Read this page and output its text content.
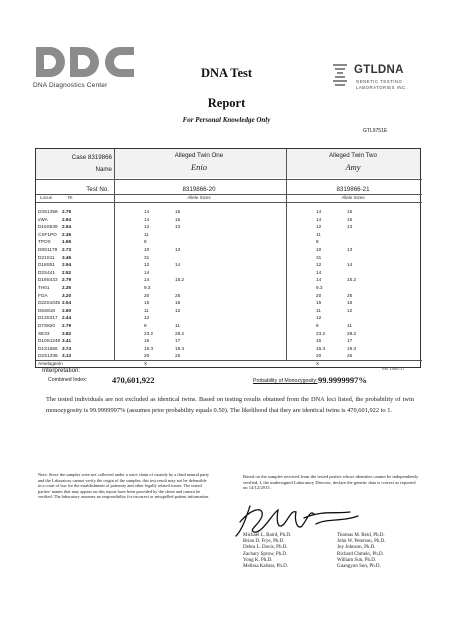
DNA Diagnostics Center
DNA Test
Report
For Personal Knowledge Only
GTLDNA
GENETIC TESTING
LABORATORIES INC.
GTL9751E
Case 8319866
Name
Test No.
Alleged Twin One
Enio
Alleged Twin Two
Amy
8319866-20	8319866-21
Locus	RI	Allele Sizes	Allele Sizes
D3S1358 2.76	14	15	14	15
vWA	2.94	14	16	14	16
D16S539 2.54	12	13	12	13
CSF1PO	2.36	11	11
TPOX	1.65	8	8
D8S1179	2.73	10	13	10	13
D21S11	3.46	31	31
D18S51	2.94	12	14	12	14
D2S441	2.52	14	14
D19S433 2.79	14	15.2	14	15.2
TH01	2.35	9.3	9.3
FGA	3.20	20	25	20	25
D22S1045 2.04	15	16	15	16
D5S818	2.60	11	12	11	12
D13S317 2.44	12	12
D7S820	2.79	8	11	8	11
SE33	3.82	23.2	28.2	23.2	28.2
D10S1248 3.41	16	17	16	17
D1S1656 3.74	16.3	19.3	16.3	19.3
D2S1338 3.13	20	25	20	25
Amelogenin	X	X
Interpretation:	RN: 1460717
Combined Index:	470,601,922	Probability of Monozygosity: 99.9999997%
The tested individuals are not excluded as identical twins. Based on testing results obtained from the DNA loci listed, the probability of twin monozygosity is 99.9999997% (assumes prior probability equals 0.50). The likelihood that they are identical twins is 470,601,922 to 1.
Note: Since the samples were not collected under a strict chain of custody by a third neutral party and the Laboratory cannot verify the origin of the samples, this test result may not be defensible in a court of law for the establishment of paternity and other legally related issues. The tested parties' names that may appear on this report have been provided by the client and cannot be verified. The laboratory assumes no responsibility for incorrect or misspelled patient information.
Based on the samples received from the tested parties whose identities cannot be independently verified, I, the undersigned Laboratory Director, declare the genetic data is correct as reported on 14/12/2015.
Michael L. Baird, Ph.D.
Brian D. Frye, Ph.D.
Debra L. Davis, Ph.D.
Zachary Sprow, Ph.D.
Yong K. Ph.D.
Melissa Kalstar, Ph.D.
Thomas M. Reid, Ph.D.
John W. Peterson, Ph.D.
Joy Johnson, Ph.D.
Richard Chmelo, Ph.D.
William Sun, Ph.D.
Guangyun Sun, Ph.D.
